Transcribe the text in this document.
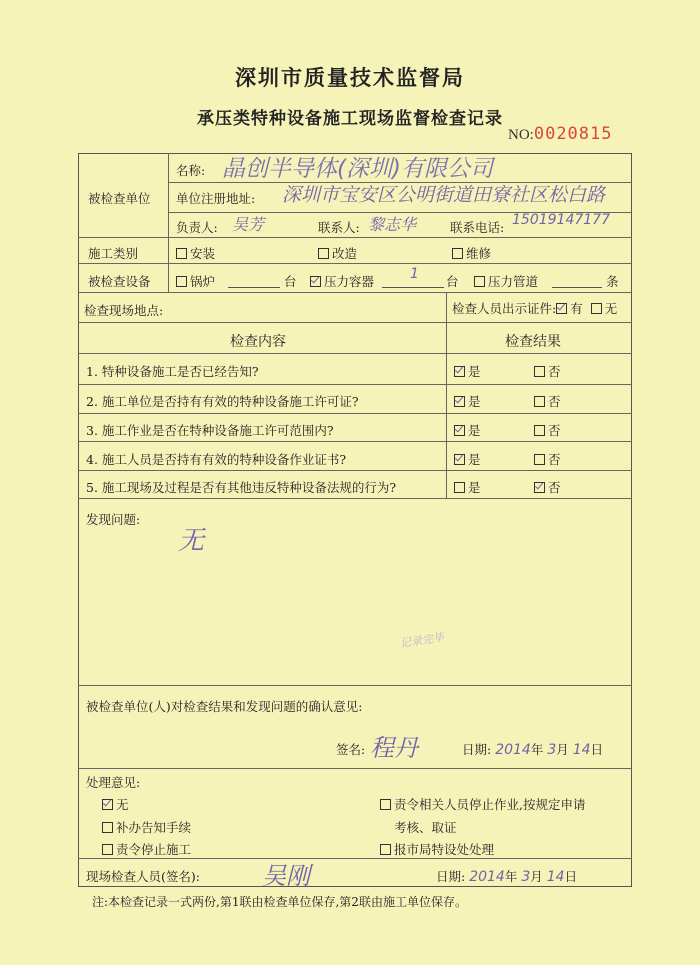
深圳市质量技术监督局
承压类特种设备施工现场监督检查记录
NO:0020815
被检查单位
名称: 晶创半导体(深圳)有限公司
单位注册地址: 深圳市宝安区公明街道田寮社区松白路
负责人: 吴芳	联系人: 黎志华	联系电话: 15019147177
施工类别	安装	改造	维修
被检查设备	锅炉	台	压力容器	1 台	压力管道	条
检查现场地点:	检查人员出示证件: 有 无
检查内容	检查结果
1. 特种设备施工是否已经告知?	是	否
2. 施工单位是否持有有效的特种设备施工许可证?	是	否
3. 施工作业是否在特种设备施工许可范围内?	是	否
4. 施工人员是否持有有效的特种设备作业证书?	是	否
5. 施工现场及过程是否有其他违反特种设备法规的行为?	是	否
发现问题:
无
记录完毕
被检查单位(人)对检查结果和发现问题的确认意见:
签名: 程丹	日期: 2014年 3月 14日
处理意见:
无
补办告知手续
责令停止施工
责令相关人员停止作业,按规定申请
考核、取证
报市局特设处处理
现场检查人员(签名):	吴刚	日期: 2014年 3月 14日
注:本检查记录一式两份,第1联由检查单位保存,第2联由施工单位保存。
